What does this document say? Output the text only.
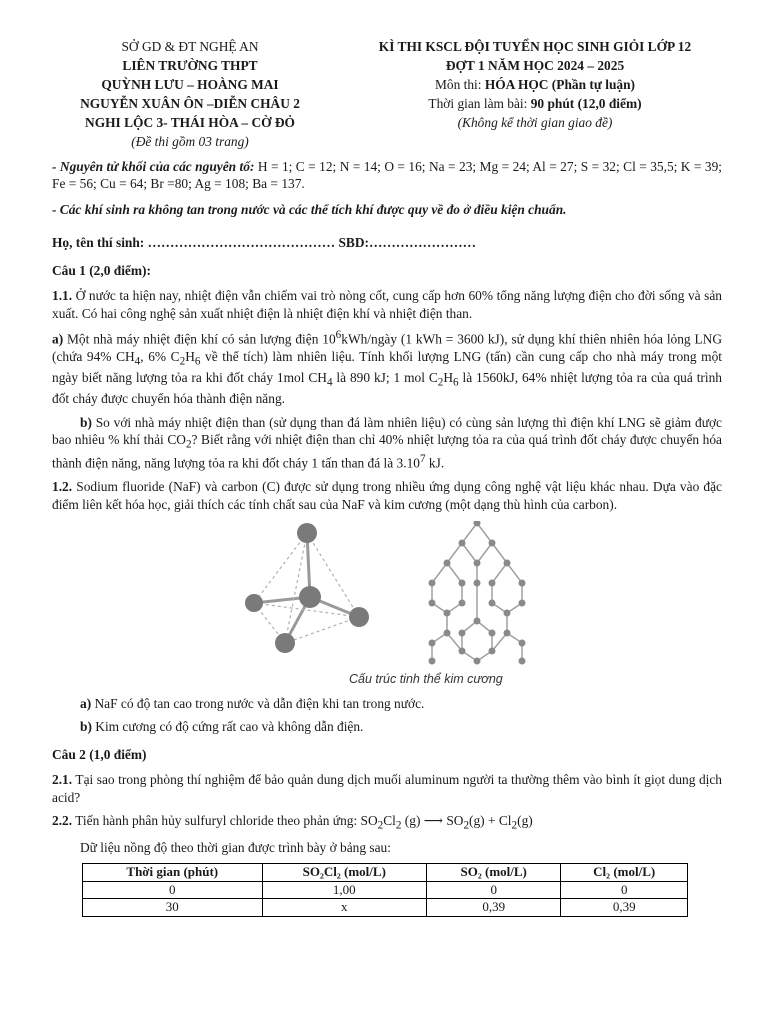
SỞ GD & ĐT NGHỆ AN
LIÊN TRƯỜNG THPT
QUỲNH LƯU – HOÀNG MAI
NGUYỄN XUÂN ÔN –DIỄN CHÂU 2
NGHI LỘC 3- THÁI HÒA – CỜ ĐỎ
(Đề thi gồm 03 trang)
KÌ THI KSCL ĐỘI TUYỂN HỌC SINH GIỎI LỚP 12
ĐỢT 1 NĂM HỌC 2024 – 2025
Môn thi: HÓA HỌC (Phần tự luận)
Thời gian làm bài: 90 phút (12,0 điểm)
(Không kể thời gian giao đề)

- Nguyên tử khối của các nguyên tố: H = 1; C = 12; N = 14; O = 16; Na = 23; Mg = 24; Al = 27; S = 32; Cl = 35,5; K = 39; Fe = 56; Cu = 64; Br =80; Ag = 108; Ba = 137.

- Các khí sinh ra không tan trong nước và các thể tích khí được quy về đo ở điều kiện chuẩn.

Họ, tên thí sinh: …………………………………… SBD:……………………

Câu 1 (2,0 điểm):

1.1. Ở nước ta hiện nay, nhiệt điện vẫn chiếm vai trò nòng cốt, cung cấp hơn 60% tổng năng lượng điện cho đời sống và sản xuất. Có hai công nghệ sản xuất nhiệt điện là nhiệt điện khí và nhiệt điện than.

a) Một nhà máy nhiệt điện khí có sản lượng điện $10^6kWh$/ngày (1 kWh = 3600 kJ), sử dụng khí thiên nhiên hóa lỏng LNG (chứa 94% $CH_4$, 6% $C_2H_6$ về thể tích) làm nhiên liệu. Tính khối lượng LNG (tấn) cần cung cấp cho nhà máy trong một ngày biết năng lượng tỏa ra khi đốt cháy 1mol $CH_4$ là 890 kJ; 1 mol $C_2H_6$ là 1560kJ, 64% nhiệt lượng tỏa ra của quá trình đốt cháy được chuyển hóa thành điện năng.

b) So với nhà máy nhiệt điện than (sử dụng than đá làm nhiên liệu) có cùng sản lượng thì điện khí LNG sẽ giảm được bao nhiêu % khí thải $CO_2$? Biết rằng với nhiệt điện than chỉ 40% nhiệt lượng tỏa ra của quá trình đốt cháy được chuyển hóa thành điện năng, năng lượng tỏa ra khi đốt cháy 1 tấn than đá là 3.10$^7$ kJ.

1.2. Sodium fluoride (NaF) và carbon (C) được sử dụng trong nhiều ứng dụng công nghệ vật liệu khác nhau. Dựa vào đặc điểm liên kết hóa học, giải thích các tính chất sau của NaF và kim cương (một dạng thù hình của carbon).

Cấu trúc tinh thể kim cương

a) NaF có độ tan cao trong nước và dẫn điện khi tan trong nước.

b) Kim cương có độ cứng rất cao và không dẫn điện.

Câu 2 (1,0 điểm)

2.1. Tại sao trong phòng thí nghiệm để bảo quản dung dịch muối aluminum người ta thường thêm vào bình ít giọt dung dịch acid?

2.2. Tiến hành phân hủy sulfuryl chloride theo phản ứng: $SO_2Cl_2$ (g) ⟶ $SO_2(g) + Cl_2(g)$

Dữ liệu nồng độ theo thời gian được trình bày ở bảng sau:

Thời gian (phút)	SO₂Cl₂ (mol/L)	SO₂ (mol/L)	Cl₂ (mol/L)
0	1,00	0	0
30	x	0,39	0,39
